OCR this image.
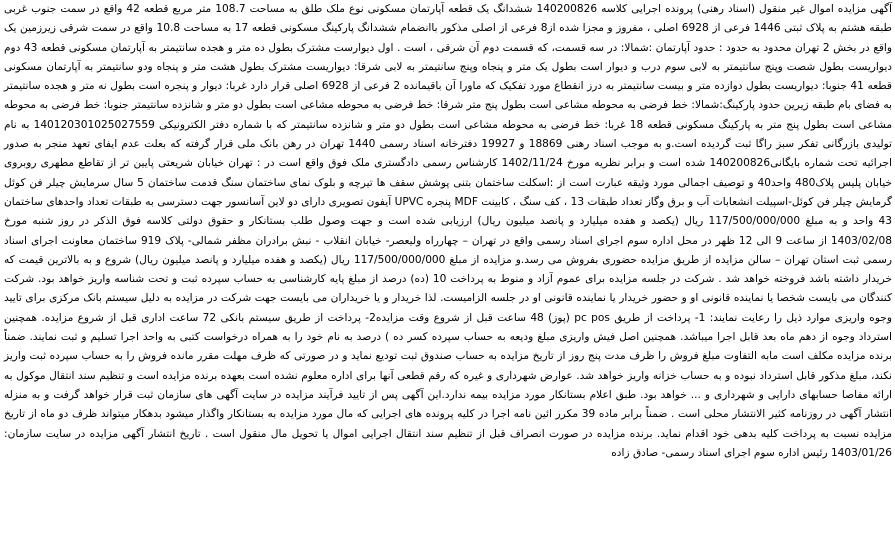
آگهی مزایده اموال غیر منقول (اسناد رهنی) پرونده اجرایی کلاسه 140200826 ششدانگ یک قطعه آپارتمان مسکونی نوع ملک طلق به مساحت 108.7 متر مربع قطعه 42 واقع در سمت جنوب غربی طبقه هشتم به پلاک ثبتی 1446 فرعی از 6928 اصلی ، مفروز و مجزا شده از8 فرعی از اصلی مذکور باانضمام ششدانگ پارکینگ مسکونی قطعه 17 به مساحت 10.8 واقع در سمت شرقی زیرزمین یک واقع در بخش 2 تهران محدود به حدود : حدود آپارتمان :شمالا: در سه قسمت، که قسمت دوم آن شرقی ، است . اول دیوارست مشترک بطول ده متر و هجده سانتیمتر به آپارتمان مسکونی قطعه 43 دوم دیواریست بطول شصت وپنج سانتیمتر به لابی سوم درب و دیوار است بطول یک متر و پنجاه وپنج سانتیمتر به لابی شرقا: دیواریست مشترک بطول هشت متر و پنجاه ودو سانتیمتر به آپارتمان مسکونی قطعه 41 جنوبا: دیواریست بطول دوازده متر و بیست سانتیمتر به درز انقطاع مورد تفکیک که ماورا آن باقیمانده 2 فرعی از 6928 اصلی قرار دارد غربا: دیوار و پنجره است بطول نه متر و هجده سانتیمتر به فضای بام طبقه زیرین حدود پارکینگ:شمالا: خط فرضی به محوطه مشاعی است بطول پنج متر شرقا: خط فرضی به محوطه مشاعی است بطول دو متر و شانزده سانتیمتر جنوبا: خط فرضی به محوطه مشاعی است بطول پنج متر به پارکینگ مسکونی قطعه 18 غربا: خط فرضی به محوطه مشاعی است بطول دو متر و شانزده سانتیمتر که با شماره دفتر الکترونیکی 140120301025027559 به نام تولیدی بازرگانی تفکر سبز راگا ثبت گردیده است.و به موجب اسناد رهنی 18869 و 19927 دفترخانه اسناد رسمی 1440 تهران در رهن بانک ملی قرار گرفته که بعلت عدم ایفای تعهد منجر به صدور اجرائیه تحت شماره بایگانی140200826 شده است و برابر نظریه مورخ 1402/11/24 کارشناس رسمی دادگستری ملک فوق واقع است در : تهران خیابان شریعتی پایین تر از تقاطع مطهری روبروی خیابان پلیس پلاک480 واحد40 و توصیف اجمالی مورد وثیقه عبارت است از :اسکلت ساختمان بتنی پوشش سقف ها تیرچه و بلوک نمای ساختمان سنگ قدمت ساختمان 5 سال سرمایش چیلر فن کوئل گرمایش چیلر فن کوئل-اسپیلت انشعابات آب و برق وگاز تعداد طبقات 13 ، کف سنگ ، کابینت MDF پنجره UPVC آیفون تصویری دارای دو لاین آسانسور جهت دسترسی به طبقات تعداد واحدهای ساختمان 43 واحد و به مبلغ 117/500/000/000 ریال (یکصد و هفده میلیارد و پانصد میلیون ریال) ارزیابی شده است و جهت وصول طلب بستانکار و حقوق دولتی کلاسه فوق الذکر در روز شنبه مورخ 1403/02/08 از ساعت 9 الی 12 ظهر در محل اداره سوم اجرای اسناد رسمی واقع در تهران – چهارراه ولیعصر- خیابان انقلاب - نبش برادران مظفر شمالی- پلاک 919 ساختمان معاونت اجرای اسناد رسمی ثبت استان تهران – سالن مزایده از طریق مزایده حضوری بفروش می رسد.و مزایده از مبلغ 117/500/000/000 ریال (یکصد و هفده میلیارد و پانصد میلیون ریال) شروع و به بالاترین قیمت که خریدار داشته باشد فروخته خواهد شد . شرکت در جلسه مزایده برای عموم آزاد و منوط به پرداخت 10 (ده) درصد از مبلغ پایه کارشناسی به حساب سپرده ثبت و تحت شناسه واریز خواهد بود. شرکت کنندگان می بایست شخصا یا نماینده قانونی او و حضور خریدار یا نماینده قانونی او در جلسه الزامیست. لذا خریدار و یا خریداران می بایست جهت شرکت در مزایده به دلیل سیستم بانک مرکزی برای تایید وجوه واریزی موارد ذیل را رعایت نمایند: 1- پرداخت از طریق pc pos (پوز) 48 ساعت قبل از شروع وقت مزایده2- پرداخت از طریق سیستم بانکی 72 ساعت اداری قبل از شروع مزایده. همچنین استرداد وجوه از دهم ماه بعد قابل اجرا میباشد. همچنین اصل فیش واریزی مبلغ ودیعه به حساب سپرده کسر ده ) درصد به نام خود را به همراه درخواست کتبی به واحد اجرا تسلیم و ثبت نمایند. ضمناً برنده مزایده مکلف است مابه التفاوت مبلغ فروش را ظرف مدت پنج روز از تاریخ مزایده به حساب صندوق ثبت تودیع نماید و در صورتی که ظرف مهلت مقرر مانده فروش را به حساب سپرده ثبت واریز نکند، مبلغ مذکور قابل استرداد نبوده و به حساب خزانه واریز خواهد شد. عوارض شهرداری و غیره که رقم قطعی آنها برای اداره معلوم نشده است بعهده برنده مزایده است و تنظیم سند انتقال موکول به ارائه مفاصا حسابهای دارایی و شهرداری و ... خواهد بود. طبق اعلام بستانکار مورد مزایده بیمه ندارد.این آگهی پس از تایید فرآیند مزایده در سایت آگهی های سازمان ثبت قرار خواهد گرفت و به منزله انتشار آگهی در روزنامه کثیر الانتشار محلی است . ضمناً برابر ماده 39 مکرر ائین نامه اجرا در کلیه پرونده های اجرایی که مال مورد مزایده به بستانکار واگذار میشود بدهکار میتواند ظرف دو ماه از تاریخ مزایده نسبت به پرداخت کلیه بدهی خود اقدام نماید. برنده مزایده در صورت انصراف قبل از تنظیم سند انتقال اجرایی اموال یا تحویل مال منقول است . تاریخ انتشار آگهی مزایده در سایت سازمان: 1403/01/26 رئیس اداره سوم اجرای اسناد رسمی- صادق زاده
